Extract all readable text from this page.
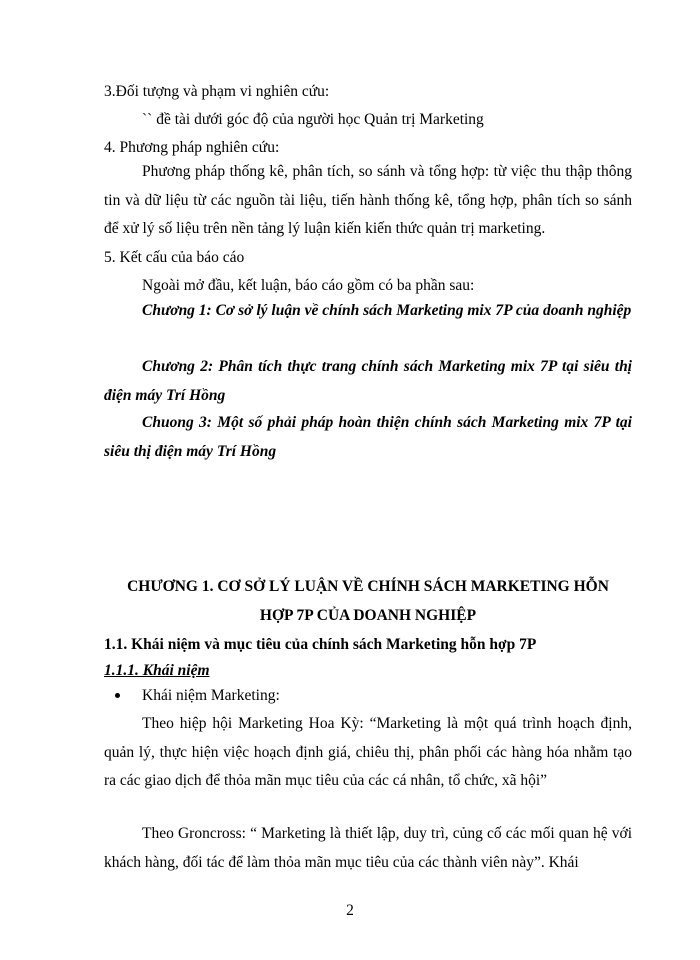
3.Đối tượng và phạm vi nghiên cứu:
`` đề tài dưới góc độ của người học Quản trị Marketing
4. Phương pháp nghiên cứu:
Phương pháp thống kê, phân tích, so sánh và tổng hợp: từ việc thu thập thông tin và dữ liệu từ các nguồn tài liệu, tiến hành thống kê, tổng hợp, phân tích so sánh để xử lý số liệu trên nền tảng lý luận kiến kiến thức quản trị marketing.
5. Kết cấu của báo cáo
Ngoài mở đầu, kết luận, báo cáo gồm có ba phần sau:
Chương 1: Cơ sở lý luận về chính sách Marketing mix 7P của doanh nghiệp
Chương 2: Phân tích thực trang chính sách Marketing mix 7P tại siêu thị điện máy Trí Hồng
Chuong 3: Một số phải pháp hoàn thiện chính sách Marketing mix 7P tại siêu thị điện máy Trí Hồng
CHƯƠNG 1. CƠ SỞ LÝ LUẬN VỀ CHÍNH SÁCH MARKETING HỖN
HỢP 7P CỦA DOANH NGHIỆP
1.1. Khái niệm và mục tiêu của chính sách Marketing hỗn hợp 7P
1.1.1. Khái niệm
Khái niệm Marketing:
Theo hiệp hội Marketing Hoa Kỳ: “Marketing là một quá trình hoạch định, quản lý, thực hiện việc hoạch định giá, chiêu thị, phân phối các hàng hóa nhằm tạo ra các giao dịch để thỏa mãn mục tiêu của các cá nhân, tổ chức, xã hội”
Theo Groncross: “ Marketing là thiết lập, duy trì, củng cố các mối quan hệ với khách hàng, đối tác để làm thỏa mãn mục tiêu của các thành viên này”. Khái
2
